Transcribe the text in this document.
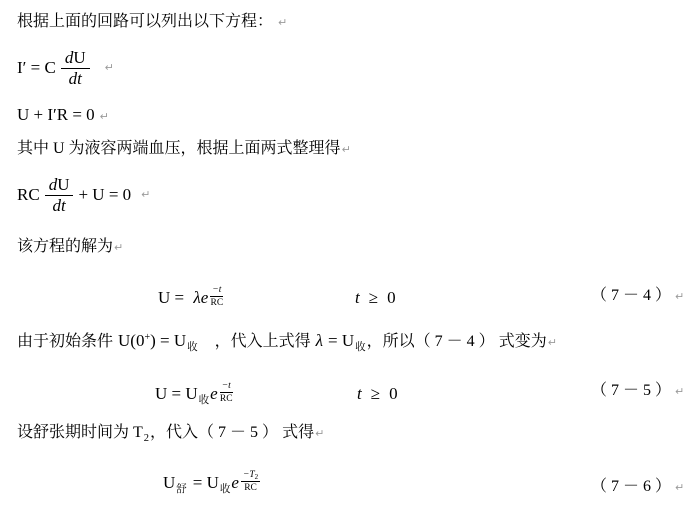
根据上面的回路可以列出以下方程： ↵
I′ = C $\frac{dU}{dt}$ ↵
U + I′R = 0 ↵
其中 U 为液容两端血压，根据上面两式整理得↵
RC $\frac{dU}{dt} + U = 0$ ↵
该方程的解为↵
U = λe $\frac{-t}{RC}$	t ≥ 0	（7－4）↵
由于初始条件 $U(0^+) = U_收$ ，代入上式得 $\lambda = U_收$，所以（7－4）式变为↵
$U = U_收e \frac{-t}{RC}$	t ≥ 0	（7－5）↵
设舒张期时间为 $T_2$，代入（7－5）式得↵
$U_舒 = U_收e \frac{-T_2}{RC}$	（7－6）↵
